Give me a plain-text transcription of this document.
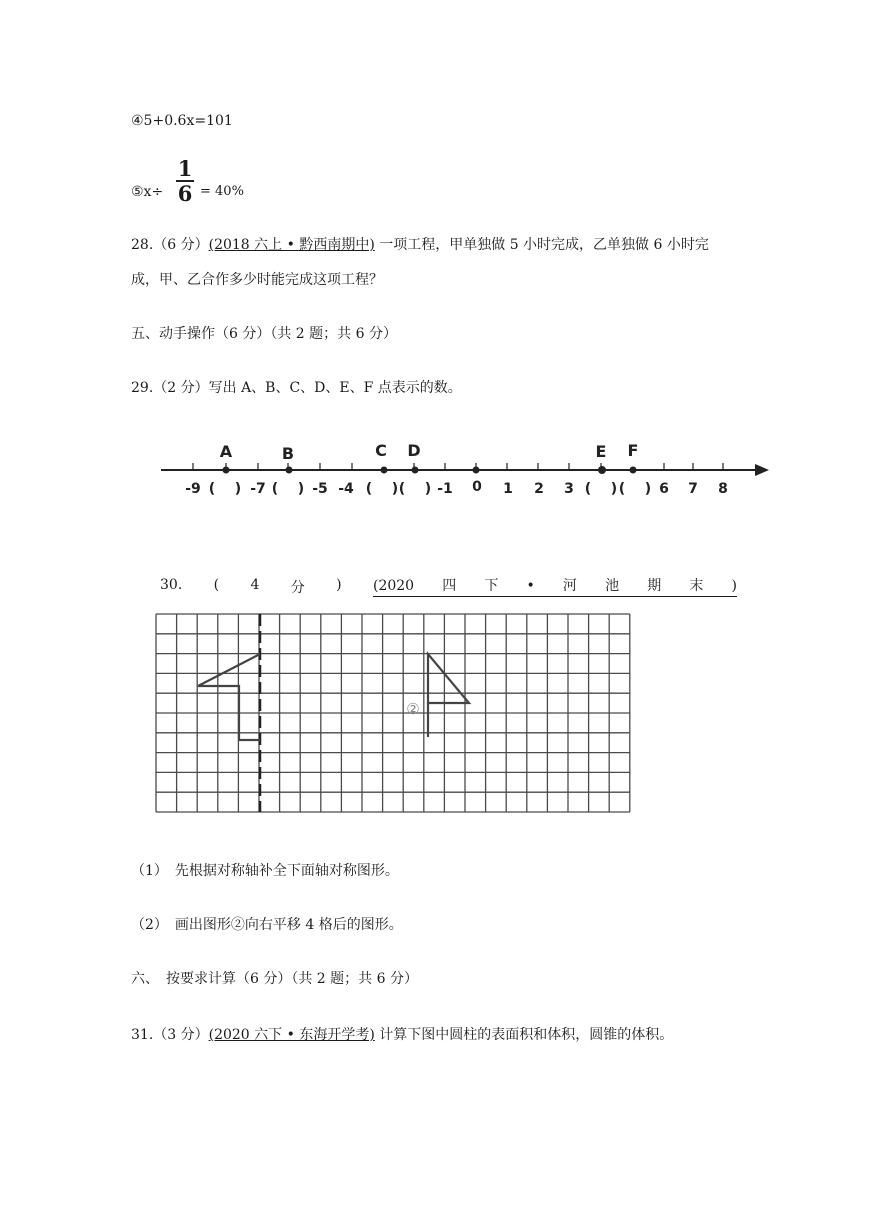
④5+0.6x=101
⑤x÷
1
6 = 40%
28.（6 分）(2018 六上 • 黔西南期中) 一项工程，甲单独做 5 小时完成，乙单独做 6 小时完
成，甲、乙合作多少时能完成这项工程？
五、动手操作（6 分）（共 2 题；共 6 分）
29.（2 分）写出 A、B、C、D、E、F 点表示的数。
A	B	C D	E F
-9 ( ) -7 ( ) -5 -4 ( ) ( ) -1 0 1 2 3 ( ) ( ) 6 7 8
30. ( 4 分 ) (2020 四 下 • 河 池 期 末 )
②
（1）　先根据对称轴补全下面轴对称图形。
（2）　画出图形②向右平移 4 格后的图形。
六、　按要求计算（6 分）（共 2 题；共 6 分）
31.（3 分）(2020 六下 • 东海开学考) 计算下图中圆柱的表面积和体积，圆锥的体积。
